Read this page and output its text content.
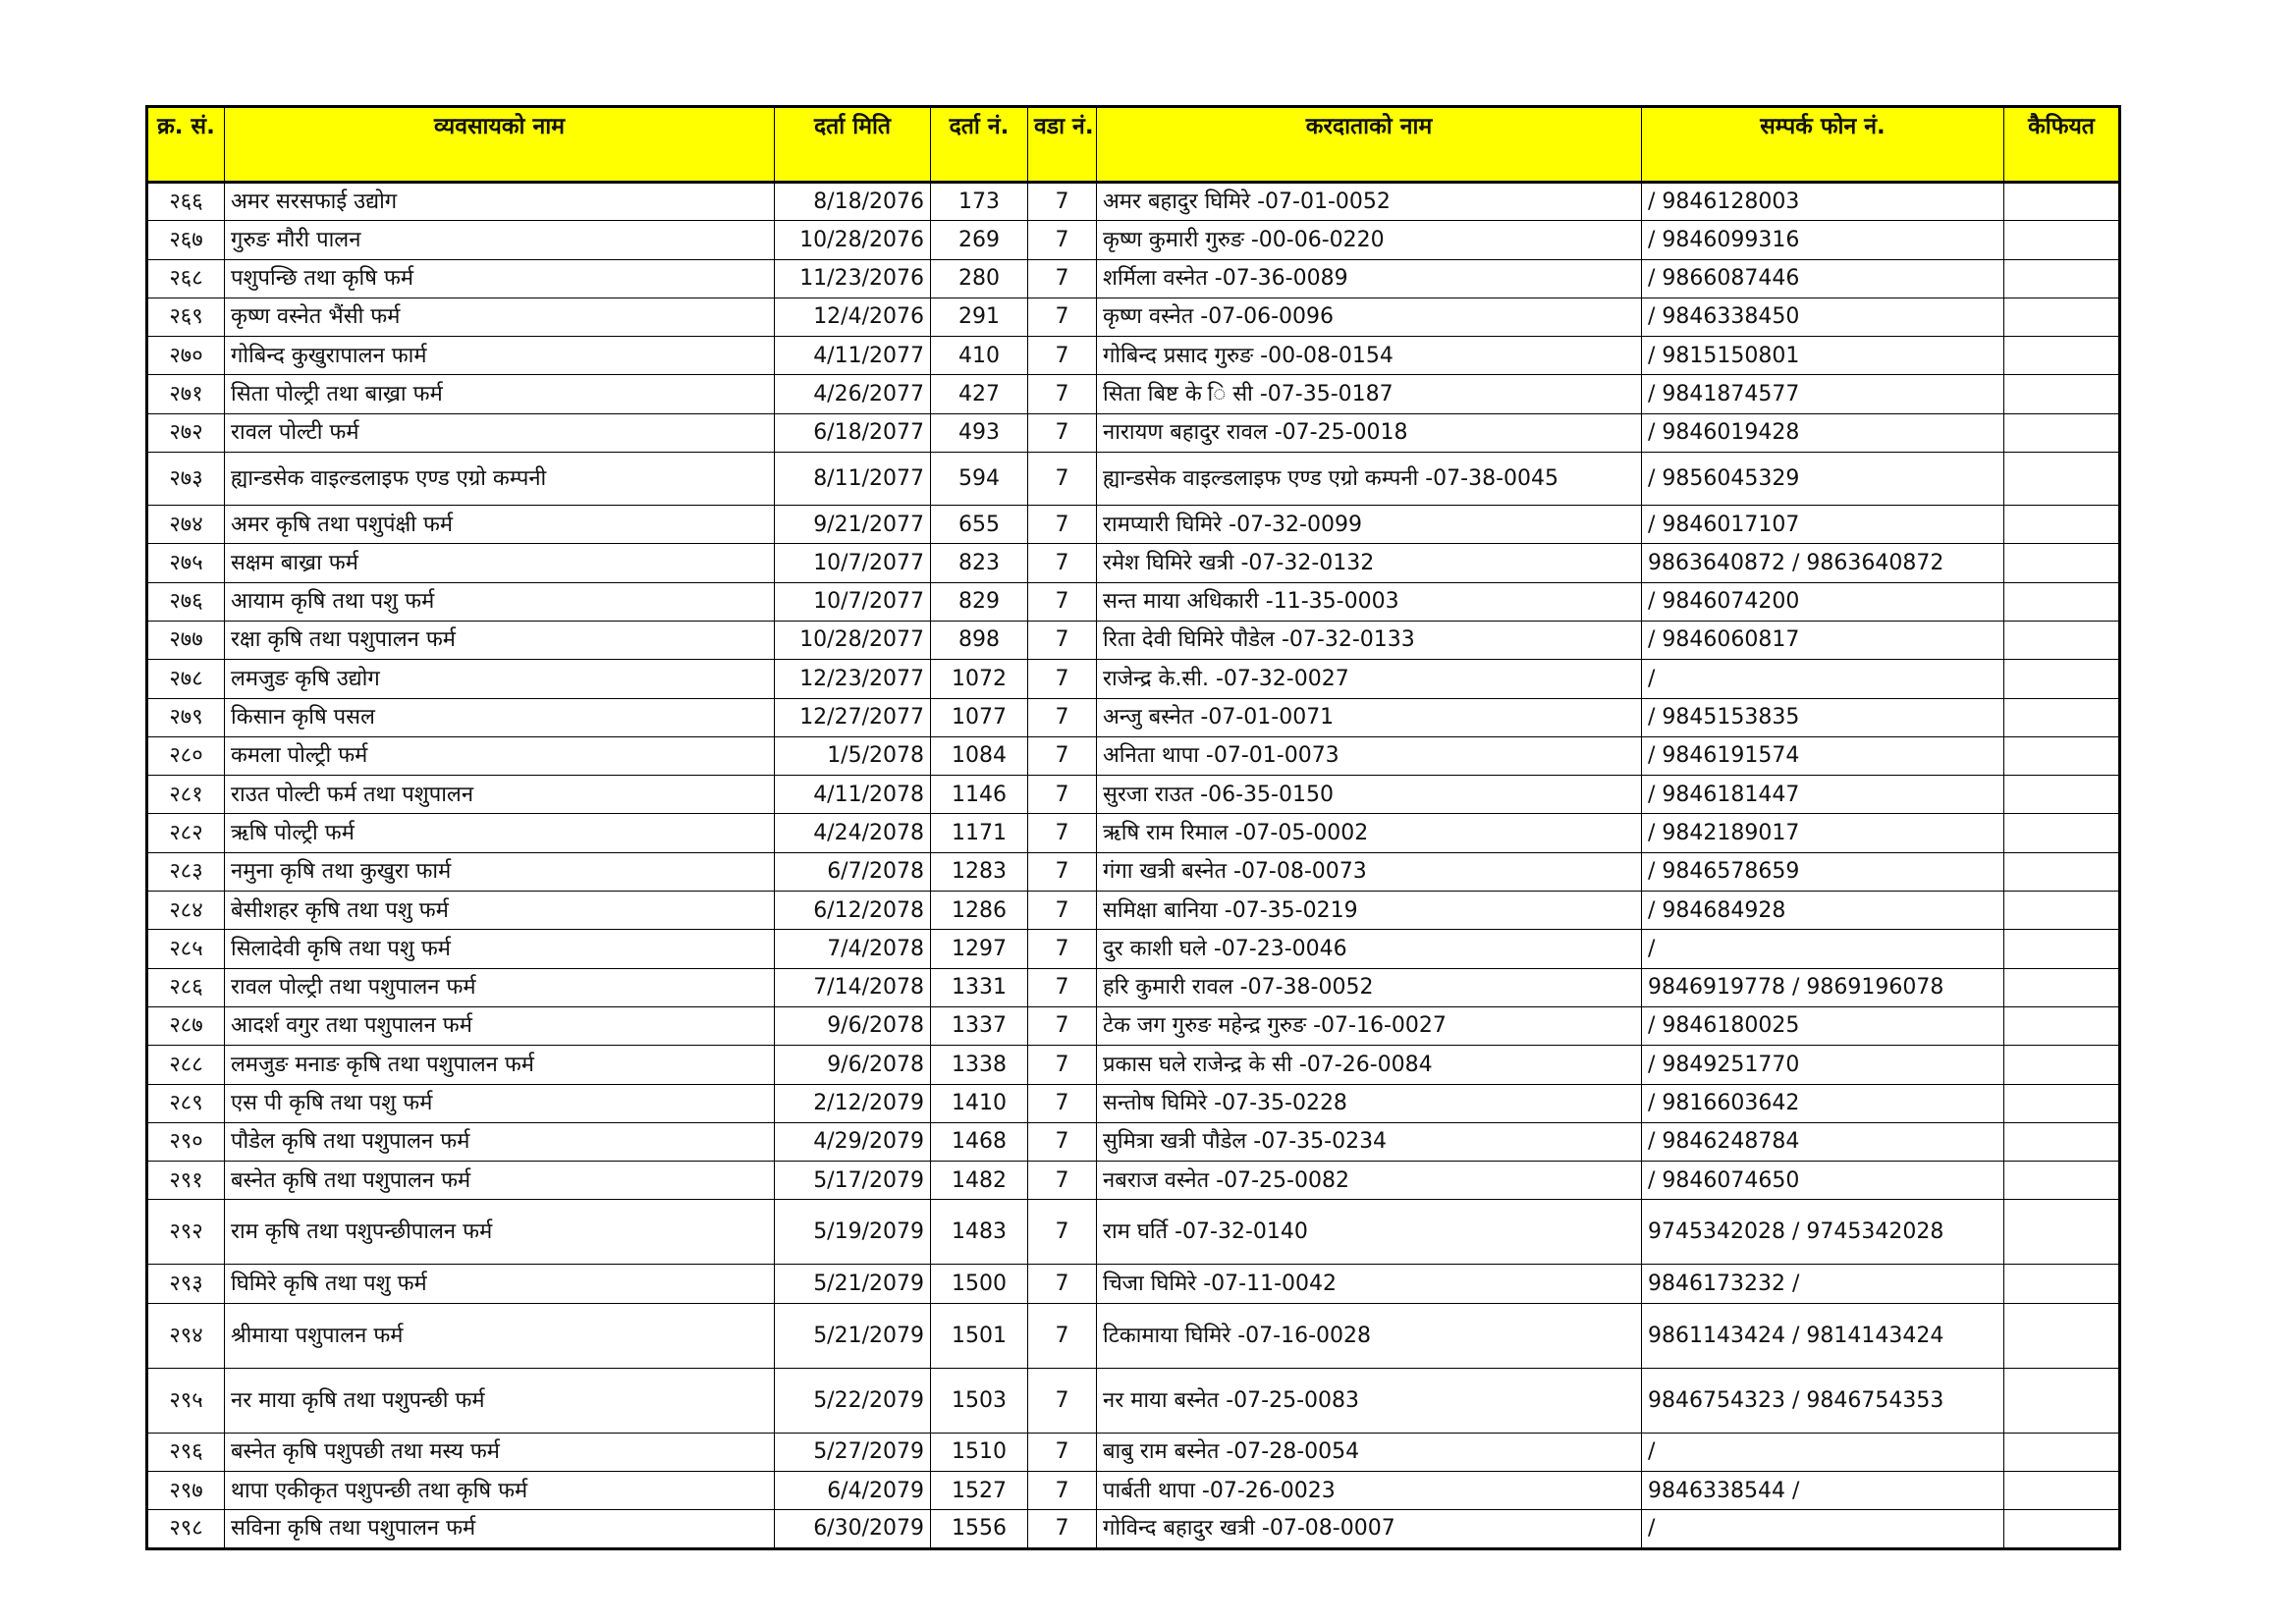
क्र. सं.	व्यवसायको नाम	दर्ता मिति	दर्ता नं.	वडा नं.	करदाताको नाम	सम्पर्क फोन नं.	कैफियत
२६६	अमर सरसफाई उद्योग	8/18/2076	173	7	अमर बहादुर घिमिरे -07-01-0052	/ 9846128003	
२६७	गुरुङ मौरी पालन	10/28/2076	269	7	कृष्ण कुमारी गुरुङ -00-06-0220	/ 9846099316	
२६८	पशुपन्छि तथा कृषि फर्म	11/23/2076	280	7	शर्मिला वस्नेत -07-36-0089	/ 9866087446	
२६९	कृष्ण वस्नेत भैंसी फर्म	12/4/2076	291	7	कृष्ण वस्नेत -07-06-0096	/ 9846338450	
२७०	गोबिन्द कुखुरापालन फार्म	4/11/2077	410	7	गोबिन्द प्रसाद गुरुङ -00-08-0154	/ 9815150801	
२७१	सिता पोल्ट्री तथा बाख्रा फर्म	4/26/2077	427	7	सिता बिष्ट के ि सी -07-35-0187	/ 9841874577	
२७२	रावल पोल्टी फर्म	6/18/2077	493	7	नारायण बहादुर रावल -07-25-0018	/ 9846019428	
२७३	ह्यान्डसेक वाइल्डलाइफ एण्ड एग्रो कम्पनी	8/11/2077	594	7	ह्यान्डसेक वाइल्डलाइफ एण्ड एग्रो कम्पनी -07-38-0045	/ 9856045329	
२७४	अमर कृषि तथा पशुपंक्षी फर्म	9/21/2077	655	7	रामप्यारी घिमिरे -07-32-0099	/ 9846017107	
२७५	सक्षम बाख्रा फर्म	10/7/2077	823	7	रमेश घिमिरे खत्री -07-32-0132	9863640872 / 9863640872	
२७६	आयाम कृषि तथा पशु फर्म	10/7/2077	829	7	सन्त माया अधिकारी -11-35-0003	/ 9846074200	
२७७	रक्षा कृषि तथा पशुपालन फर्म	10/28/2077	898	7	रिता देवी घिमिरे पौडेल -07-32-0133	/ 9846060817	
२७८	लमजुङ कृषि उद्योग	12/23/2077	1072	7	राजेन्द्र के.सी. -07-32-0027	/	
२७९	किसान कृषि पसल	12/27/2077	1077	7	अन्जु बस्नेत -07-01-0071	/ 9845153835	
२८०	कमला पोल्ट्री फर्म	1/5/2078	1084	7	अनिता थापा -07-01-0073	/ 9846191574	
२८१	राउत पोल्टी फर्म तथा पशुपालन	4/11/2078	1146	7	सुरजा राउत -06-35-0150	/ 9846181447	
२८२	ऋषि पोल्ट्री फर्म	4/24/2078	1171	7	ऋषि राम रिमाल -07-05-0002	/ 9842189017	
२८३	नमुना कृषि तथा कुखुरा फार्म	6/7/2078	1283	7	गंगा खत्री बस्नेत -07-08-0073	/ 9846578659	
२८४	बेसीशहर कृषि तथा पशु फर्म	6/12/2078	1286	7	समिक्षा बानिया -07-35-0219	/ 984684928	
२८५	सिलादेवी कृषि तथा पशु फर्म	7/4/2078	1297	7	दुर काशी घले -07-23-0046	/	
२८६	रावल पोल्ट्री तथा पशुपालन फर्म	7/14/2078	1331	7	हरि कुमारी रावल -07-38-0052	9846919778 / 9869196078	
२८७	आदर्श वगुर तथा पशुपालन फर्म	9/6/2078	1337	7	टेक जग गुरुङ महेन्द्र गुरुङ -07-16-0027	/ 9846180025	
२८८	लमजुङ मनाङ कृषि तथा पशुपालन फर्म	9/6/2078	1338	7	प्रकास घले राजेन्द्र के सी -07-26-0084	/ 9849251770	
२८९	एस पी कृषि तथा पशु फर्म	2/12/2079	1410	7	सन्तोष घिमिरे -07-35-0228	/ 9816603642	
२९०	पौडेल कृषि तथा पशुपालन फर्म	4/29/2079	1468	7	सुमित्रा खत्री पौडेल -07-35-0234	/ 9846248784	
२९१	बस्नेत कृषि तथा पशुपालन फर्म	5/17/2079	1482	7	नबराज वस्नेत -07-25-0082	/ 9846074650	
२९२	राम कृषि तथा पशुपन्छीपालन फर्म	5/19/2079	1483	7	राम घर्ति -07-32-0140	9745342028 / 9745342028	
२९३	घिमिरे कृषि तथा पशु फर्म	5/21/2079	1500	7	चिजा घिमिरे -07-11-0042	9846173232 /	
२९४	श्रीमाया पशुपालन फर्म	5/21/2079	1501	7	टिकामाया घिमिरे -07-16-0028	9861143424 / 9814143424	
२९५	नर माया कृषि तथा पशुपन्छी फर्म	5/22/2079	1503	7	नर माया बस्नेत -07-25-0083	9846754323 / 9846754353	
२९६	बस्नेत कृषि पशुपछी तथा मस्य फर्म	5/27/2079	1510	7	बाबु राम बस्नेत -07-28-0054	/	
२९७	थापा एकीकृत पशुपन्छी तथा कृषि फर्म	6/4/2079	1527	7	पार्बती थापा -07-26-0023	9846338544 /	
२९८	सविना कृषि तथा पशुपालन फर्म	6/30/2079	1556	7	गोविन्द बहादुर खत्री -07-08-0007	/	
